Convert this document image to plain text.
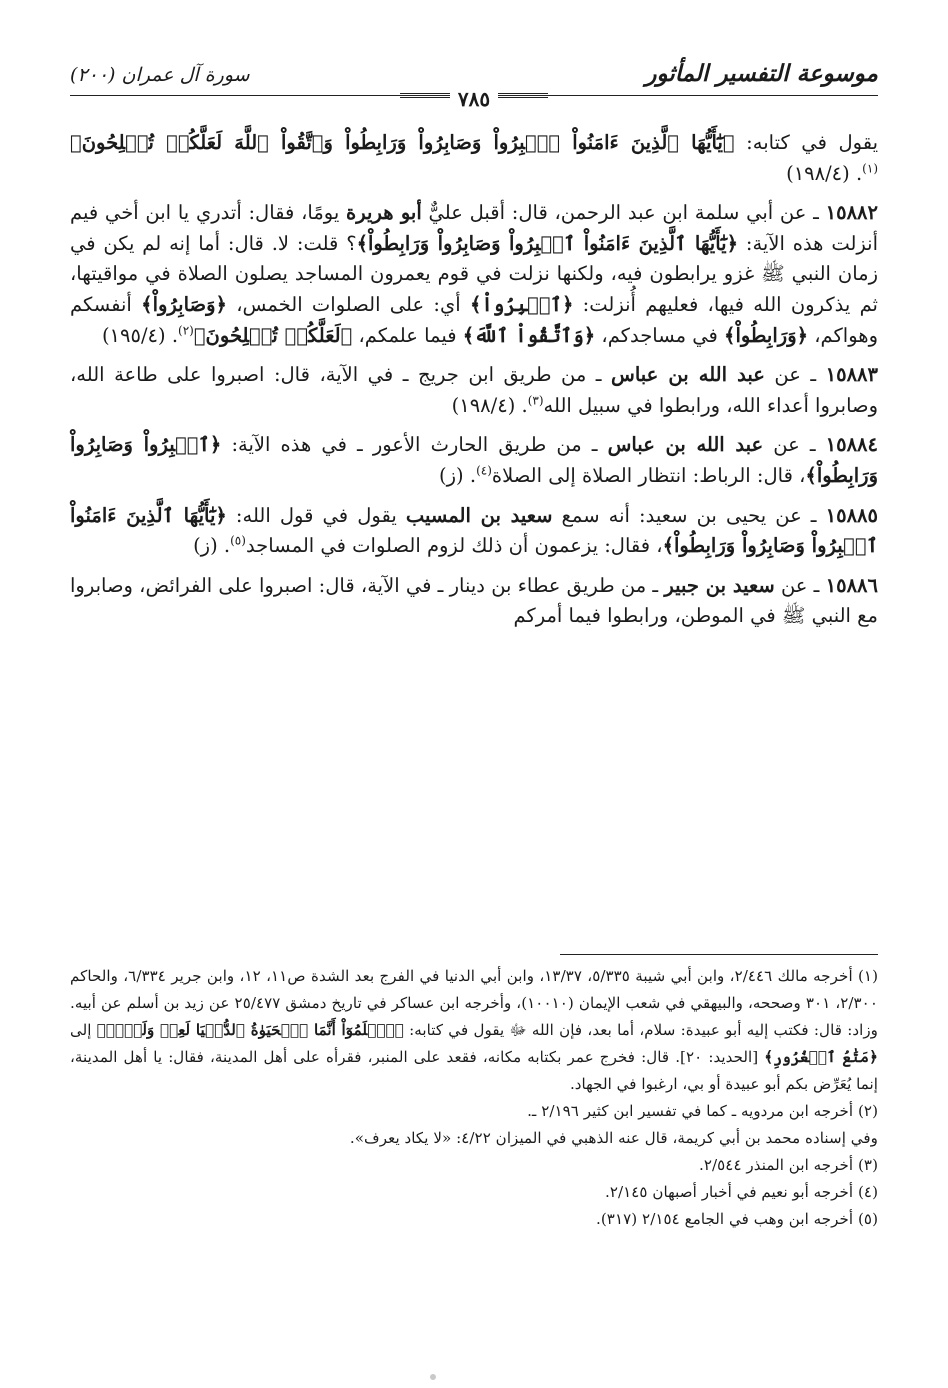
موسوعة التفسير المأثور
سورة آل عمران (٢٠٠)
٧٨٥

يقول في كتابه: ﴿يَٰٓأَيُّهَا ٱلَّذِينَ ءَامَنُواْ ٱصۡبِرُواْ وَصَابِرُواْ وَرَابِطُواْ وَٱتَّقُواْ ٱللَّهَ لَعَلَّكُمۡ تُفۡلِحُونَ﴾$^{(١)}$. (١٩٨/٤)

١٥٨٨٢ ـ عن أبي سلمة ابن عبد الرحمن، قال: أقبل عليٌّ أبو هريرة يومًا، فقال: أتدري يا ابن أخي فيم أنزلت هذه الآية: ﴿يَٰٓأَيُّهَا ٱلَّذِينَ ءَامَنُواْ ٱصۡبِرُواْ وَصَابِرُواْ وَرَابِطُواْ﴾؟ قلت: لا. قال: أما إنه لم يكن في زمان النبي ﷺ غزو يرابطون فيه، ولكنها نزلت في قوم يعمرون المساجد يصلون الصلاة في مواقيتها، ثم يذكرون الله فيها، فعليهم أُنزلت: ﴿ٱصۡبِرُواْ﴾ أي: على الصلوات الخمس، ﴿وَصَابِرُواْ﴾ أنفسكم وهواكم، ﴿وَرَابِطُواْ﴾ في مساجدكم، ﴿وَٱتَّقُواْ ٱللَّهَ﴾ فيما علمكم، ﴿لَعَلَّكُمۡ تُفۡلِحُونَ﴾$^{(٢)}$. (١٩٥/٤)

١٥٨٨٣ ـ عن عبد الله بن عباس ـ من طريق ابن جريج ـ في الآية، قال: اصبروا على طاعة الله، وصابروا أعداء الله، ورابطوا في سبيل الله$^{(٣)}$. (١٩٨/٤)

١٥٨٨٤ ـ عن عبد الله بن عباس ـ من طريق الحارث الأعور ـ في هذه الآية: ﴿ٱصۡبِرُواْ وَصَابِرُواْ وَرَابِطُواْ﴾، قال: الرباط: انتظار الصلاة إلى الصلاة$^{(٤)}$. (ز)

١٥٨٨٥ ـ عن يحيى بن سعيد: أنه سمع سعيد بن المسيب يقول في قول الله: ﴿يَٰٓأَيُّهَا ٱلَّذِينَ ءَامَنُواْ ٱصۡبِرُواْ وَصَابِرُواْ وَرَابِطُواْ﴾، فقال: يزعمون أن ذلك لزوم الصلوات في المساجد$^{(٥)}$. (ز)

١٥٨٨٦ ـ عن سعيد بن جبير ـ من طريق عطاء بن دينار ـ في الآية، قال: اصبروا على الفرائض، وصابروا مع النبي ﷺ في الموطن، ورابطوا فيما أمركم

(١) أخرجه مالك ٢/٤٤٦، وابن أبي شيبة ٥/٣٣٥، ١٣/٣٧، وابن أبي الدنيا في الفرج بعد الشدة ص١١، ١٢، وابن جرير ٦/٣٣٤، والحاكم ٢/٣٠٠، ٣٠١ وصححه، والبيهقي في شعب الإيمان (١٠٠١٠)، وأخرجه ابن عساكر في تاريخ دمشق ٢٥/٤٧٧ عن زيد بن أسلم عن أبيه. وزاد: قال: فكتب إليه أبو عبيدة: سلام، أما بعد، فإن الله ﷻ يقول في كتابه: ﴿ٱعۡلَمُوٓاْ أَنَّمَا ٱلۡحَيَوٰةُ ٱلدُّنۡيَا لَعِبٞ وَلَهۡوٞ﴾ إلى ﴿مَتَٰعُ ٱلۡغُرُورِ﴾ [الحديد: ٢٠]. قال: فخرج عمر بكتابه مكانه، فقعد على المنبر، فقرأه على أهل المدينة، فقال: يا أهل المدينة، إنما يُعَرِّض بكم أبو عبيدة أو بي، ارغبوا في الجهاد.

(٢) أخرجه ابن مردويه ـ كما في تفسير ابن كثير ٢/١٩٦ ـ.

وفي إسناده محمد بن أبي كريمة، قال عنه الذهبي في الميزان ٤/٢٢: «لا يكاد يعرف».

(٣) أخرجه ابن المنذر ٢/٥٤٤.

(٤) أخرجه أبو نعيم في أخبار أصبهان ٢/١٤٥.

(٥) أخرجه ابن وهب في الجامع ٢/١٥٤ (٣١٧).
